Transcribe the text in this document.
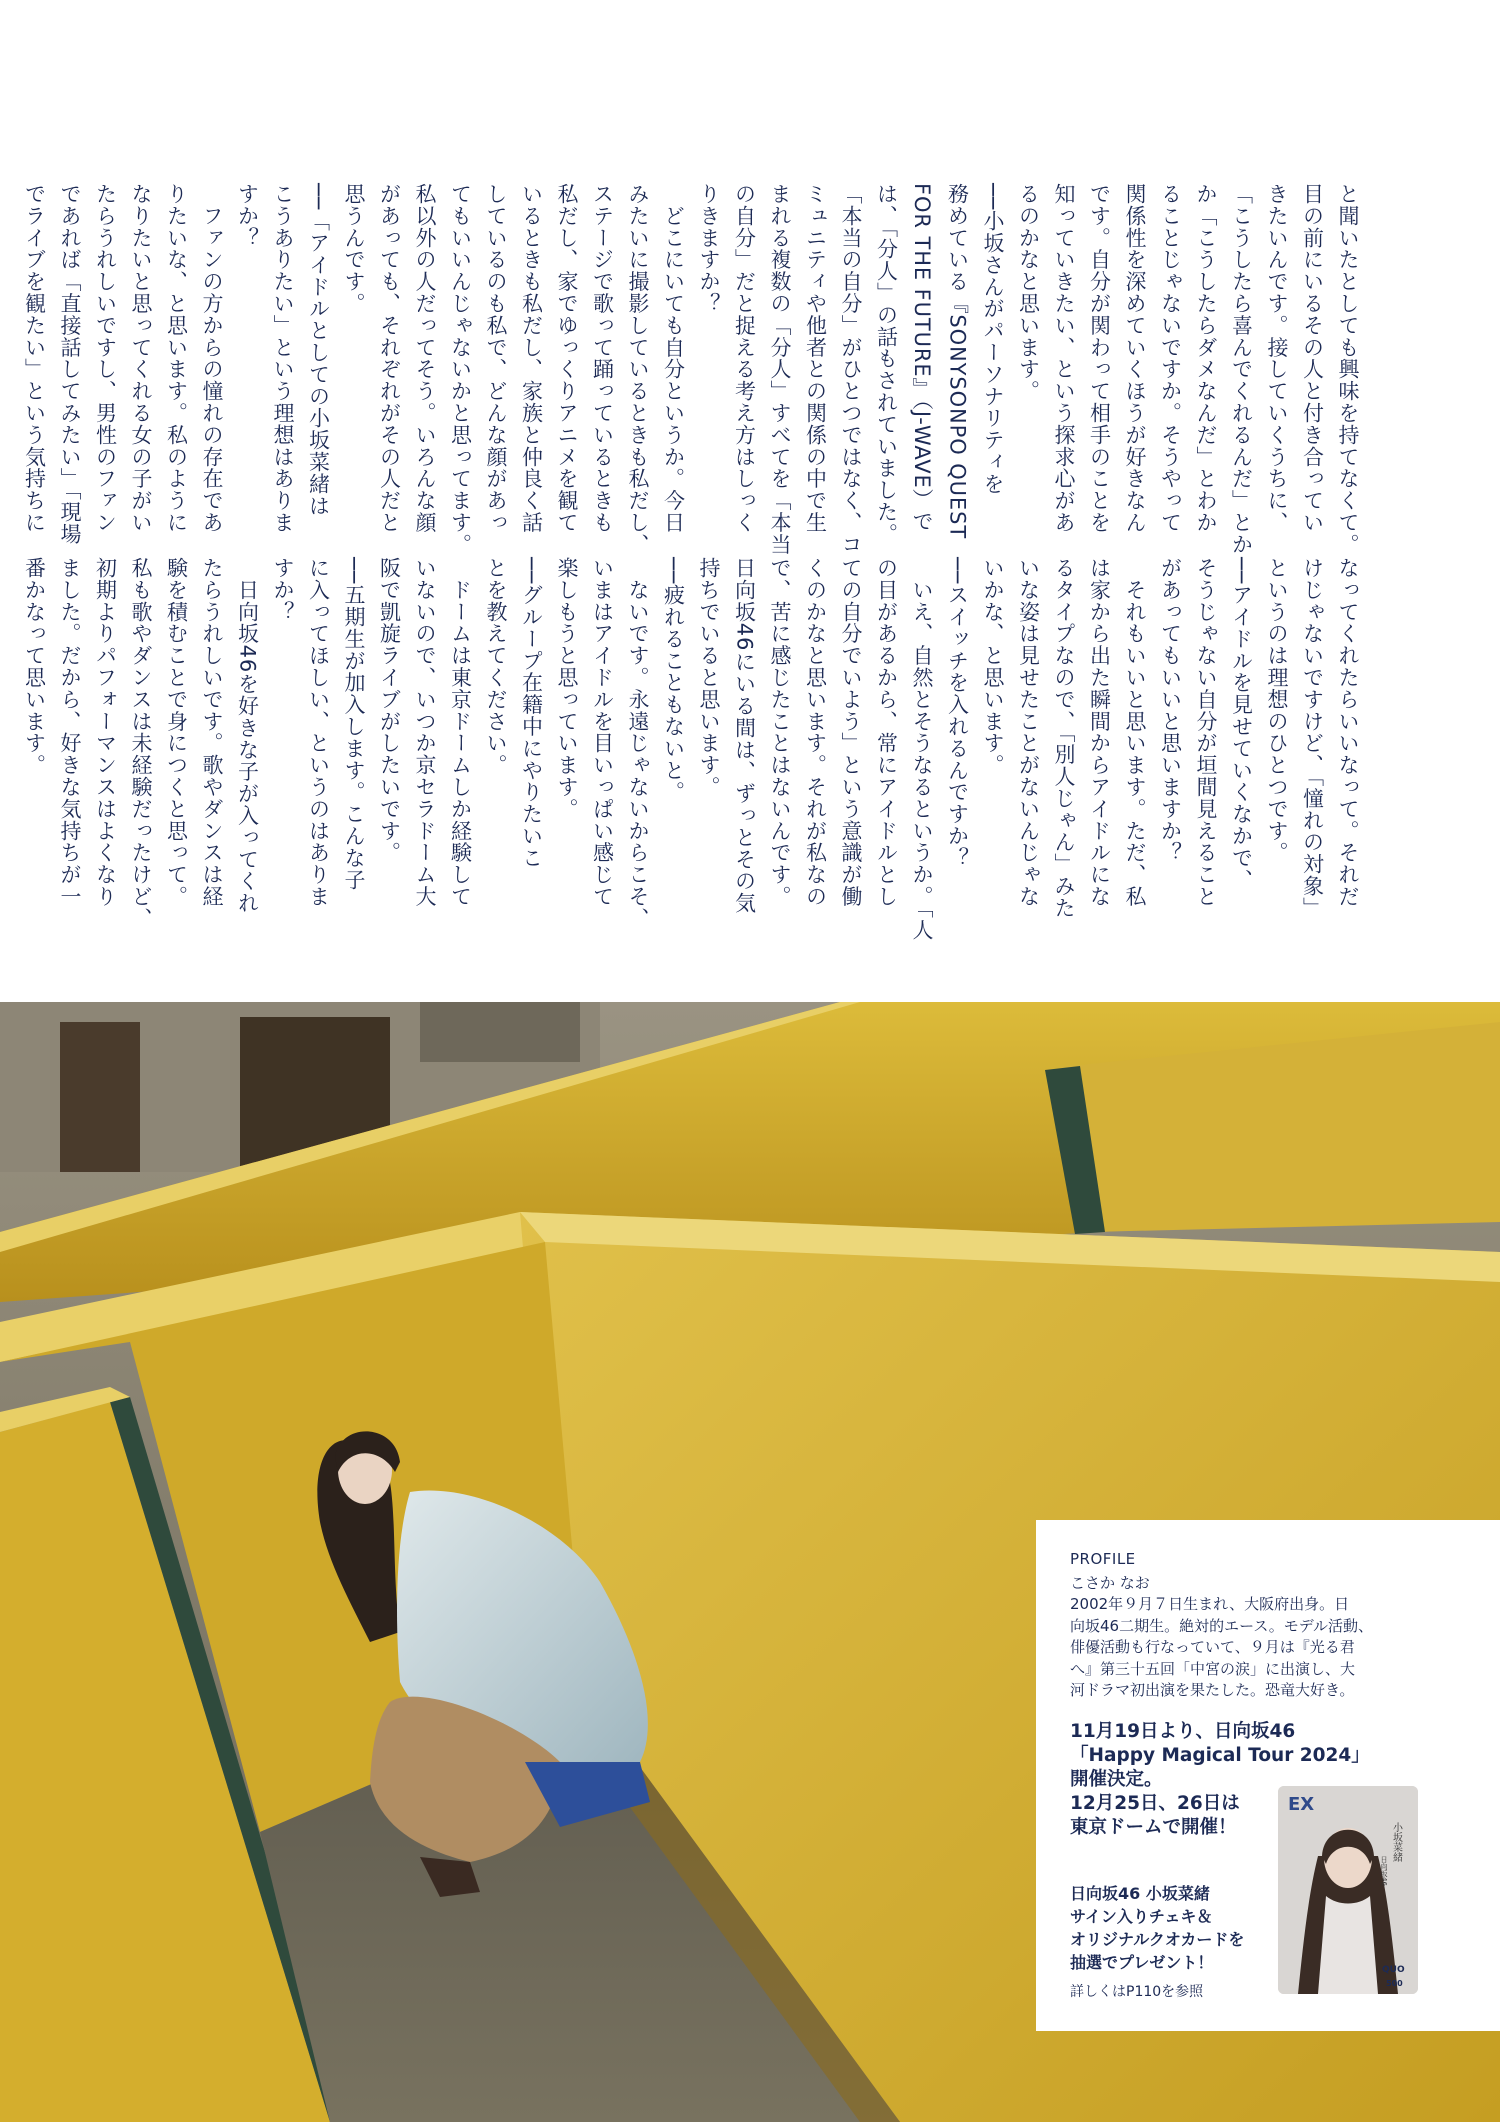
と聞いたとしても興味を持てなくて。
目の前にいるその人と付き合ってい
きたいんです。接していくうちに、
「こうしたら喜んでくれるんだ」とか
か「こうしたらダメなんだ」とわか
ることじゃないですか。そうやって
関係性を深めていくほうが好きなん
です。自分が関わって相手のことを
知っていきたい、という探求心があ
るのかなと思います。
──小坂さんがパーソナリティを
務めている『SONYSONPO QUEST
FOR THE FUTURE』（J-WAVE）で
は、「分人」の話もされていました。
「本当の自分」がひとつではなく、コ
ミュニティや他者との関係の中で生
まれる複数の「分人」すべてを「本当
の自分」だと捉える考え方はしっく
りきますか？
　どこにいても自分というか。今日
みたいに撮影しているときも私だし、
ステージで歌って踊っているときも
私だし、家でゆっくりアニメを観て
いるときも私だし、家族と仲良く話
しているのも私で、どんな顔があっ
てもいいんじゃないかと思ってます。
私以外の人だってそう。いろんな顔
があっても、それぞれがその人だと
思うんです。
──「アイドルとしての小坂菜緒は
こうありたい」という理想はありま
すか？
　ファンの方からの憧れの存在であ
りたいな、と思います。私のように
なりたいと思ってくれる女の子がい
たらうれしいですし、男性のファン
であれば「直接話してみたい」「現場
でライブを観たい」という気持ちに
なってくれたらいいなって。それだ
けじゃないですけど、「憧れの対象」
というのは理想のひとつです。
──アイドルを見せていくなかで、
そうじゃない自分が垣間見えること
があってもいいと思いますか？
　それもいいと思います。ただ、私
は家から出た瞬間からアイドルにな
るタイプなので、「別人じゃん」みた
いな姿は見せたことがないんじゃな
いかな、と思います。
──スイッチを入れるんですか？
　いえ、自然とそうなるというか。「人
の目があるから、常にアイドルとし
ての自分でいよう」という意識が働
くのかなと思います。それが私なの
で、苦に感じたことはないんです。
日向坂46にいる間は、ずっとその気
持ちでいると思います。
──疲れることもないと。
　ないです。永遠じゃないからこそ、
いまはアイドルを目いっぱい感じて
楽しもうと思っています。
──グループ在籍中にやりたいこ
とを教えてください。
　ドームは東京ドームしか経験して
いないので、いつか京セラドーム大
阪で凱旋ライブがしたいです。
──五期生が加入します。こんな子
に入ってほしい、というのはありま
すか？
　日向坂46を好きな子が入ってくれ
たらうれしいです。歌やダンスは経
験を積むことで身につくと思って。
私も歌やダンスは未経験だったけど、
初期よりパフォーマンスはよくなり
ました。だから、好きな気持ちが一
番かなって思います。
PROFILE
こさか なお
2002年９月７日生まれ、大阪府出身。日
向坂46二期生。絶対的エース。モデル活動、
俳優活動も行なっていて、９月は『光る君
へ』第三十五回「中宮の涙」に出演し、大
河ドラマ初出演を果たした。恐竜大好き。
11月19日より、日向坂46
「Happy Magical Tour 2024」
開催決定。
12月25日、26日は
東京ドームで開催！
EX
小坂菜緒
日向坂46
QUO
500
日向坂46 小坂菜緒
サイン入りチェキ＆
オリジナルクオカードを
抽選でプレゼント！
詳しくはP110を参照
